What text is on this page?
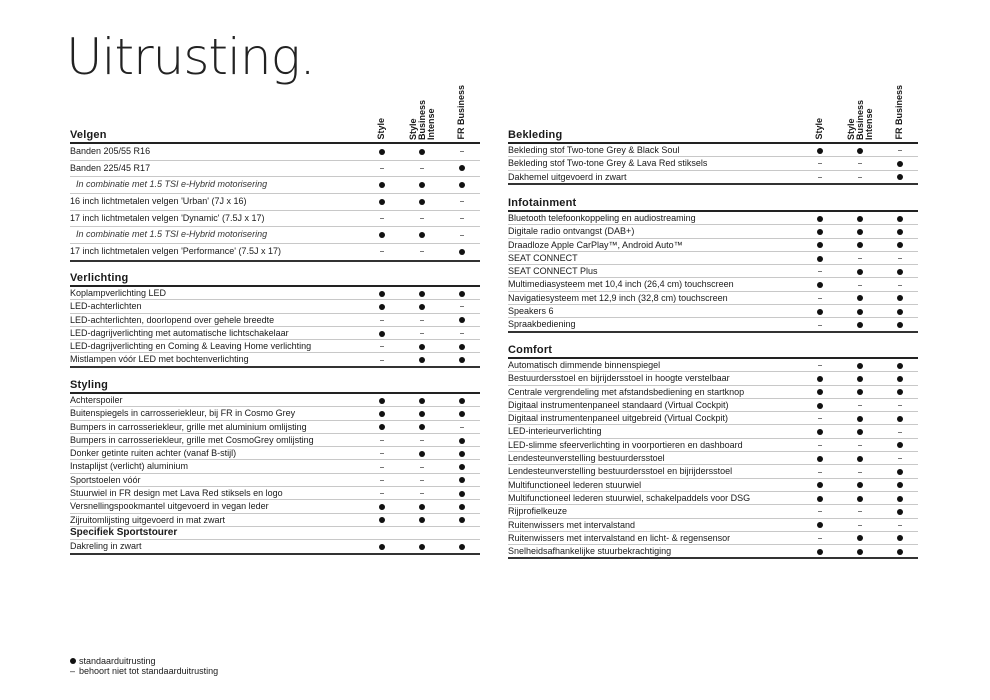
Uitrusting.
Style Style
Business
Intense FR Business
Velgen
Banden 205/55 R16
Banden 225/45 R17
In combinatie met 1.5 TSI e-Hybrid motorisering
16 inch lichtmetalen velgen 'Urban' (7J x 16)
17 inch lichtmetalen velgen 'Dynamic' (7.5J x 17)
In combinatie met 1.5 TSI e-Hybrid motorisering
17 inch lichtmetalen velgen 'Performance' (7.5J x 17)
Verlichting
Koplampverlichting LED
LED-achterlichten
LED-achterlichten, doorlopend over gehele breedte
LED-dagrijverlichting met automatische lichtschakelaar
LED-dagrijverlichting en Coming & Leaving Home verlichting
Mistlampen vóór LED met bochtenverlichting
Styling
Achterspoiler
Buitenspiegels in carrosseriekleur, bij FR in Cosmo Grey
Bumpers in carrosseriekleur, grille met aluminium omlijsting
Bumpers in carrosseriekleur, grille met CosmoGrey omlijsting
Donker getinte ruiten achter (vanaf B-stijl)
Instaplijst (verlicht) aluminium
Sportstoelen vóór
Stuurwiel in FR design met Lava Red stiksels en logo
Versnellingspookmantel uitgevoerd in vegan leder
Zijruitomlijsting uitgevoerd in mat zwart
Specifiek Sportstourer
Dakreling in zwart
Style Style
Business
Intense FR Business
Bekleding
Bekleding stof Two-tone Grey & Black Soul
Bekleding stof Two-tone Grey & Lava Red stiksels
Dakhemel uitgevoerd in zwart
Infotainment
Bluetooth telefoonkoppeling en audiostreaming
Digitale radio ontvangst (DAB+)
Draadloze Apple CarPlay™, Android Auto™
SEAT CONNECT
SEAT CONNECT Plus
Multimediasysteem met 10,4 inch (26,4 cm) touchscreen
Navigatiesysteem met 12,9 inch (32,8 cm) touchscreen
Speakers 6
Spraakbediening
Comfort
Automatisch dimmende binnenspiegel
Bestuurdersstoel en bijrijdersstoel in hoogte verstelbaar
Centrale vergrendeling met afstandsbediening en startknop
Digitaal instrumentenpaneel standaard (Virtual Cockpit)
Digitaal instrumentenpaneel uitgebreid (Virtual Cockpit)
LED-interieurverlichting
LED-slimme sfeerverlichting in voorportieren en dashboard
Lendesteunverstelling bestuurdersstoel
Lendesteunverstelling bestuurdersstoel en bijrijdersstoel
Multifunctioneel lederen stuurwiel
Multifunctioneel lederen stuurwiel, schakelpaddels voor DSG
Rijprofielkeuze
Ruitenwissers met intervalstand
Ruitenwissers met intervalstand en licht- & regensensor
Snelheidsafhankelijke stuurbekrachtiging
standaarduitrusting
– behoort niet tot standaarduitrusting
